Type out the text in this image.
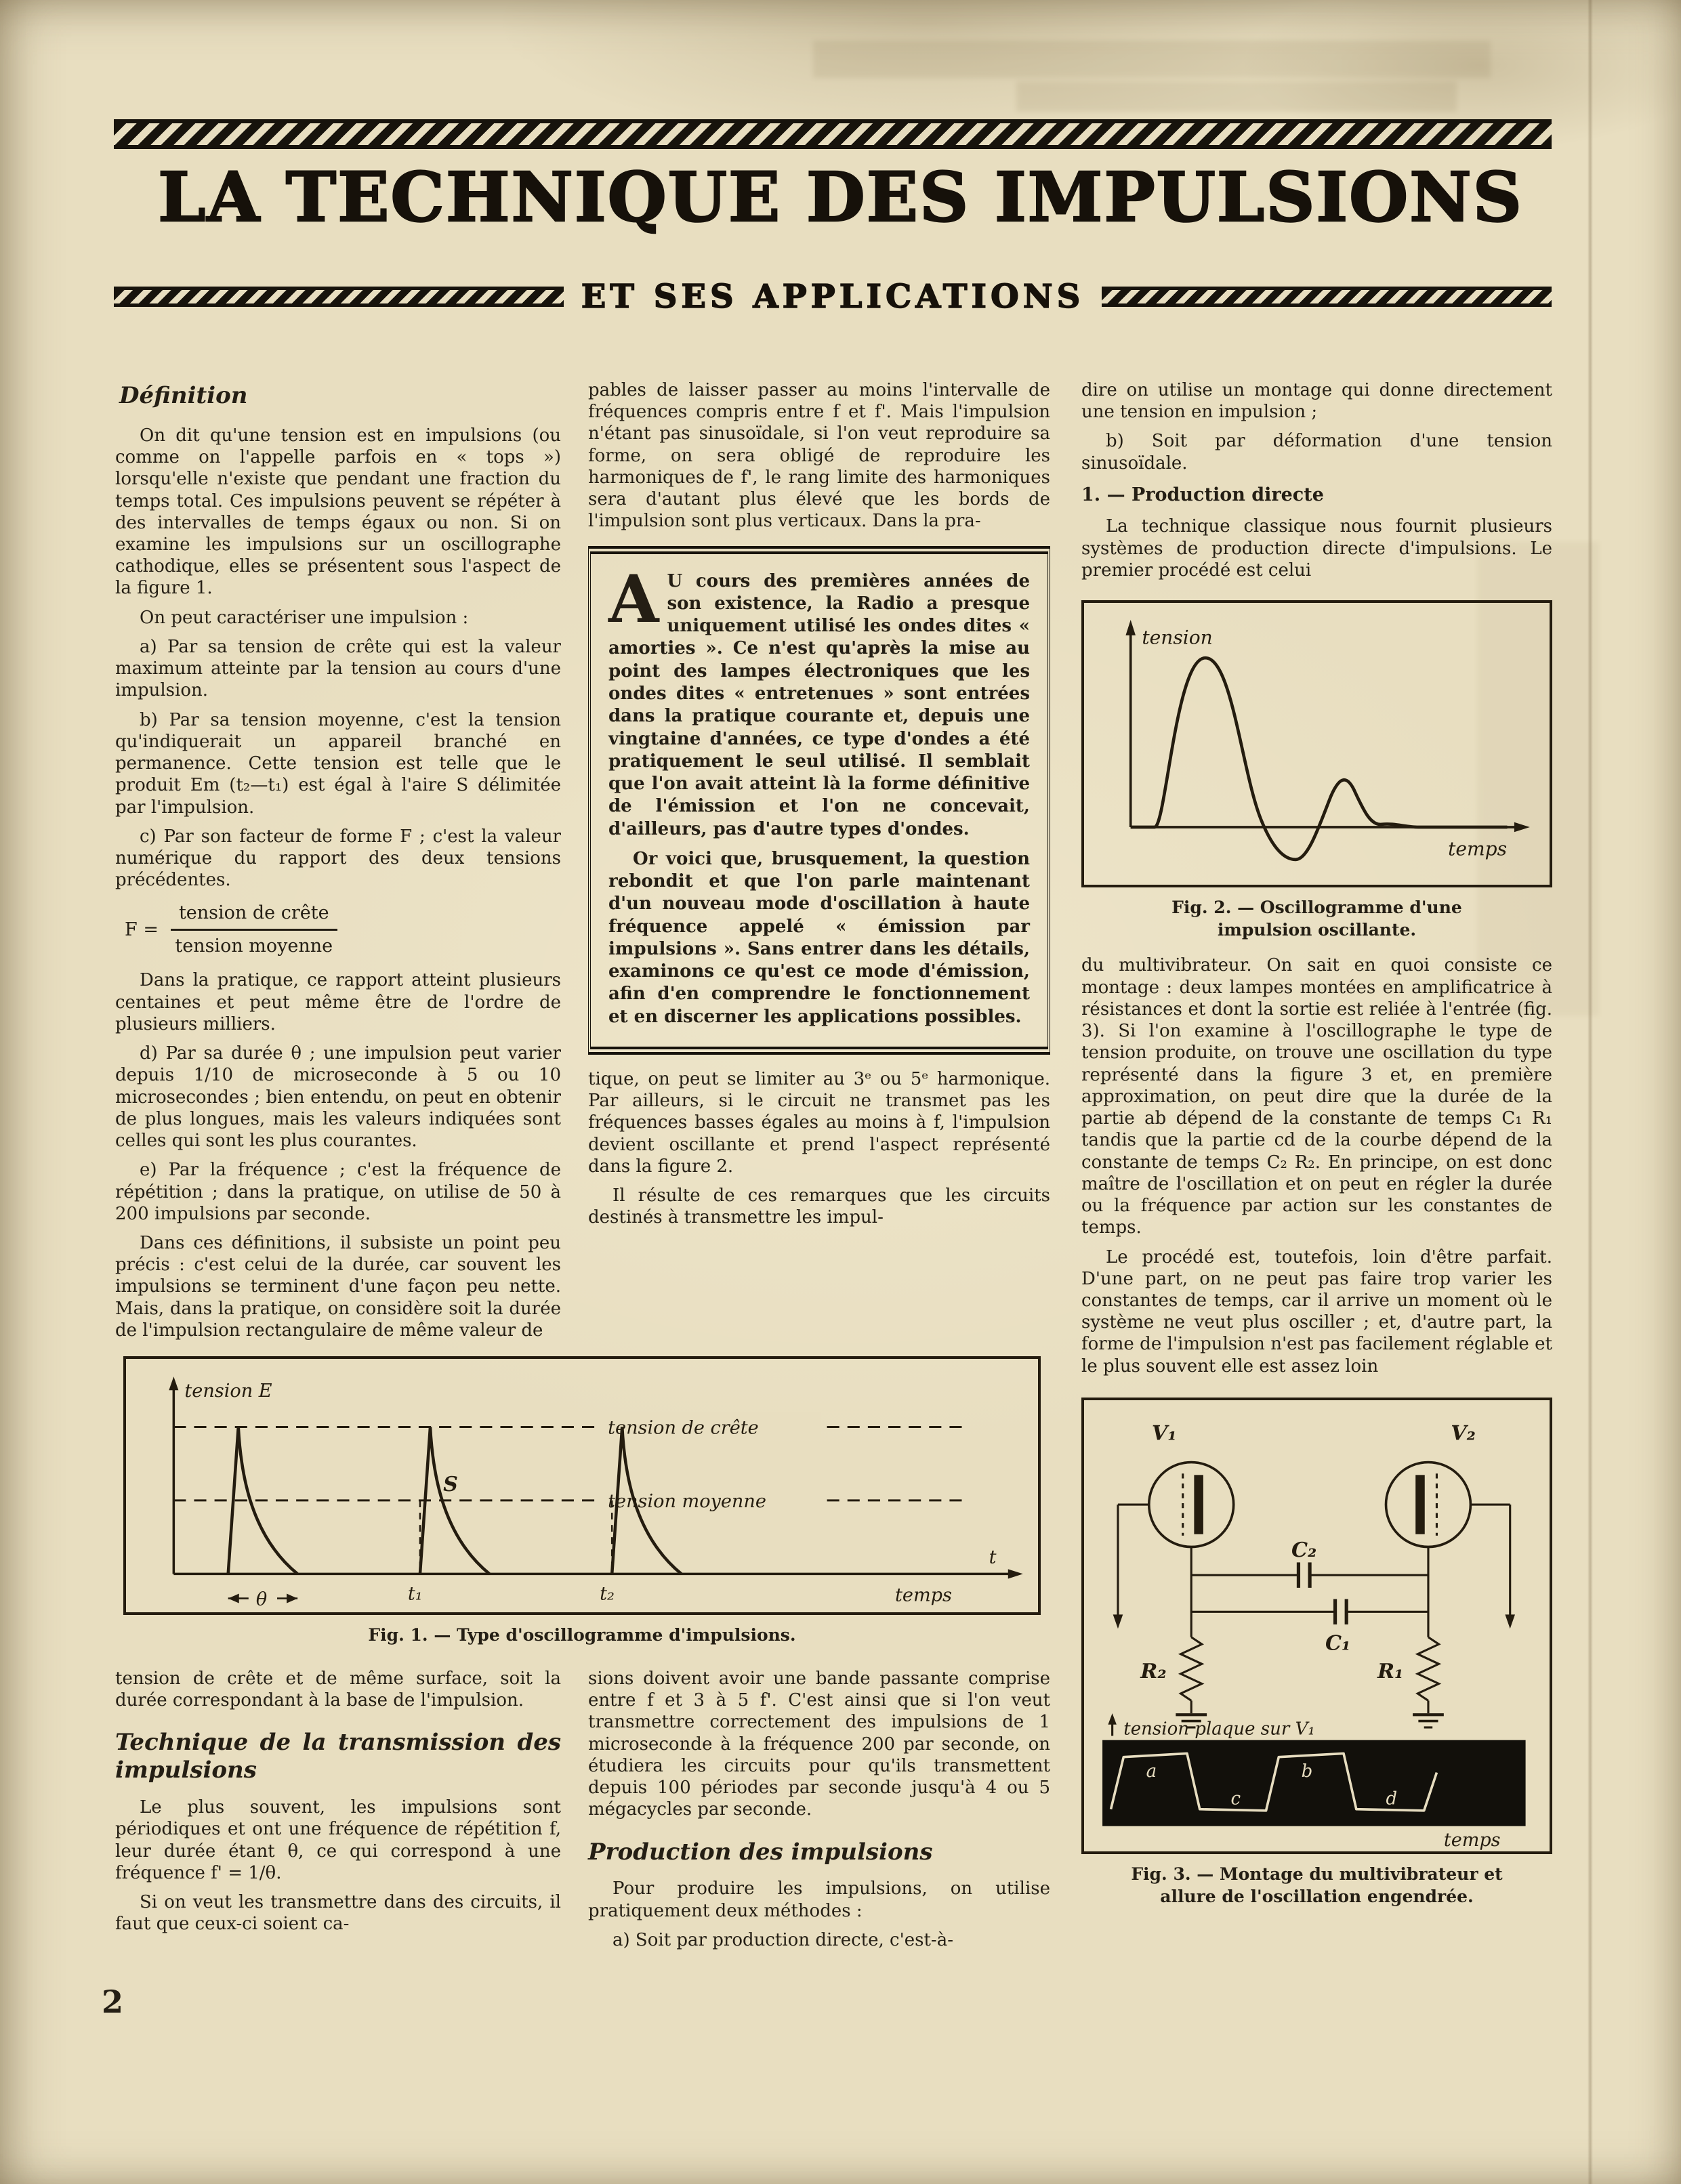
LA TECHNIQUE DES IMPULSIONS
ET SES APPLICATIONS
Définition

On dit qu'une tension est en impulsions (ou comme on l'appelle parfois en « tops ») lorsqu'elle n'existe que pendant une fraction du temps total. Ces impulsions peuvent se répéter à des intervalles de temps égaux ou non. Si on examine les impulsions sur un oscillographe cathodique, elles se présentent sous l'aspect de la figure 1.

On peut caractériser une impulsion :

a) Par sa tension de crête qui est la valeur maximum atteinte par la tension au cours d'une impulsion.

b) Par sa tension moyenne, c'est la tension qu'indiquerait un appareil branché en permanence. Cette tension est telle que le produit Em (t₂—t₁) est égal à l'aire S délimitée par l'impulsion.

c) Par son facteur de forme F ; c'est la valeur numérique du rapport des deux tensions précédentes.

$F = \frac{\text{tension de crête}}{\text{tension moyenne}}$

Dans la pratique, ce rapport atteint plusieurs centaines et peut même être de l'ordre de plusieurs milliers.

d) Par sa durée θ ; une impulsion peut varier depuis 1/10 de microseconde à 5 ou 10 microsecondes ; bien entendu, on peut en obtenir de plus longues, mais les valeurs indiquées sont celles qui sont les plus courantes.

e) Par la fréquence ; c'est la fréquence de répétition ; dans la pratique, on utilise de 50 à 200 impulsions par seconde.

Dans ces définitions, il subsiste un point peu précis : c'est celui de la durée, car souvent les impulsions se terminent d'une façon peu nette. Mais, dans la pratique, on considère soit la durée de l'impulsion rectangulaire de même valeur de

pables de laisser passer au moins l'intervalle de fréquences compris entre f et f'. Mais l'impulsion n'étant pas sinusoïdale, si l'on veut reproduire sa forme, on sera obligé de reproduire les harmoniques de f', le rang limite des harmoniques sera d'autant plus élevé que les bords de l'impulsion sont plus verticaux. Dans la pra-

A U cours des premières années de son existence, la Radio a presque uniquement utilisé les ondes dites « amorties ». Ce n'est qu'après la mise au point des lampes électroniques que les ondes dites « entretenues » sont entrées dans la pratique courante et, depuis une vingtaine d'années, ce type d'ondes a été pratiquement le seul utilisé. Il semblait que l'on avait atteint là la forme définitive de l'émission et l'on ne concevait, d'ailleurs, pas d'autre types d'ondes.

Or voici que, brusquement, la question rebondit et que l'on parle maintenant d'un nouveau mode d'oscillation à haute fréquence appelé « émission par impulsions ». Sans entrer dans les détails, examinons ce qu'est ce mode d'émission, afin d'en comprendre le fonctionnement et en discerner les applications possibles.

tique, on peut se limiter au 3ᵉ ou 5ᵉ harmonique. Par ailleurs, si le circuit ne transmet pas les fréquences basses égales au moins à f, l'impulsion devient oscillante et prend l'aspect représenté dans la figure 2.

Il résulte de ces remarques que les circuits destinés à transmettre les impul-

dire on utilise un montage qui donne directement une tension en impulsion ;

b) Soit par déformation d'une tension sinusoïdale.

1. — Production directe

La technique classique nous fournit plusieurs systèmes de production directe d'impulsions. Le premier procédé est celui

tension
temps
Fig. 2. — Oscillogramme d'une impulsion oscillante.

du multivibrateur. On sait en quoi consiste ce montage : deux lampes montées en amplificatrice à résistances et dont la sortie est reliée à l'entrée (fig. 3). Si l'on examine à l'oscillographe le type de tension produite, on trouve une oscillation du type représenté dans la figure 3 et, en première approximation, on peut dire que la durée de la partie ab dépend de la constante de temps C₁ R₁ tandis que la partie cd de la courbe dépend de la constante de temps C₂ R₂. En principe, on est donc maître de l'oscillation et on peut en régler la durée ou la fréquence par action sur les constantes de temps.

Le procédé est, toutefois, loin d'être parfait. D'une part, on ne peut pas faire trop varier les constantes de temps, car il arrive un moment où le système ne veut plus osciller ; et, d'autre part, la forme de l'impulsion n'est pas facilement réglable et le plus souvent elle est assez loin

V₁	V₂
C₂
C₁
R₂	R₁
tension plaque sur V₁
a	b
c	d
temps
Fig. 3. — Montage du multivibrateur et allure de l'oscillation engendrée.
tension E
t
temps
tension de crête
tension moyenne
S
t₁	t₂
θ
Fig. 1. — Type d'oscillogramme d'impulsions.

tension de crête et de même surface, soit la durée correspondant à la base de l'impulsion.

Technique de la transmission des impulsions

Le plus souvent, les impulsions sont périodiques et ont une fréquence de répétition f, leur durée étant θ, ce qui correspond à une fréquence f' = 1/θ.

Si on veut les transmettre dans des circuits, il faut que ceux-ci soient ca-

sions doivent avoir une bande passante comprise entre f et 3 à 5 f'. C'est ainsi que si l'on veut transmettre correctement des impulsions de 1 microseconde à la fréquence 200 par seconde, on étudiera les circuits pour qu'ils transmettent depuis 100 périodes par seconde jusqu'à 4 ou 5 mégacycles par seconde.

Production des impulsions

Pour produire les impulsions, on utilise pratiquement deux méthodes :

a) Soit par production directe, c'est-à-

2
